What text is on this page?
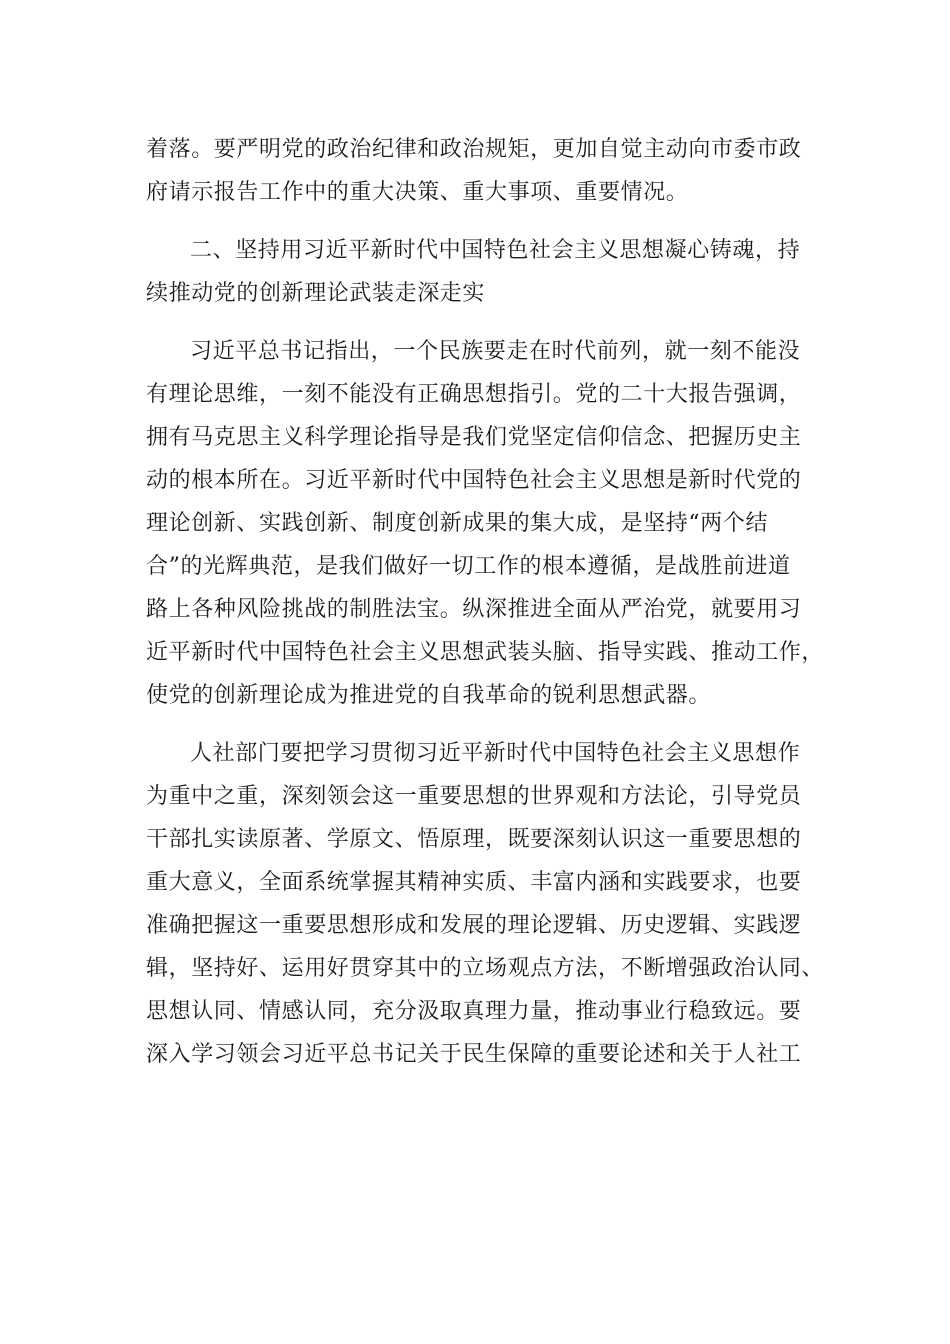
着落。要严明党的政治纪律和政治规矩，更加自觉主动向市委市政
府请示报告工作中的重大决策、重大事项、重要情况。
二、坚持用习近平新时代中国特色社会主义思想凝心铸魂，持
续推动党的创新理论武装走深走实
习近平总书记指出，一个民族要走在时代前列，就一刻不能没
有理论思维，一刻不能没有正确思想指引。党的二十大报告强调，
拥有马克思主义科学理论指导是我们党坚定信仰信念、把握历史主
动的根本所在。习近平新时代中国特色社会主义思想是新时代党的
理论创新、实践创新、制度创新成果的集大成，是坚持“两个结
合”的光辉典范，是我们做好一切工作的根本遵循，是战胜前进道
路上各种风险挑战的制胜法宝。纵深推进全面从严治党，就要用习
近平新时代中国特色社会主义思想武装头脑、指导实践、推动工作，
使党的创新理论成为推进党的自我革命的锐利思想武器。
人社部门要把学习贯彻习近平新时代中国特色社会主义思想作
为重中之重，深刻领会这一重要思想的世界观和方法论，引导党员
干部扎实读原著、学原文、悟原理，既要深刻认识这一重要思想的
重大意义，全面系统掌握其精神实质、丰富内涵和实践要求，也要
准确把握这一重要思想形成和发展的理论逻辑、历史逻辑、实践逻
辑，坚持好、运用好贯穿其中的立场观点方法，不断增强政治认同、
思想认同、情感认同，充分汲取真理力量，推动事业行稳致远。要
深入学习领会习近平总书记关于民生保障的重要论述和关于人社工
